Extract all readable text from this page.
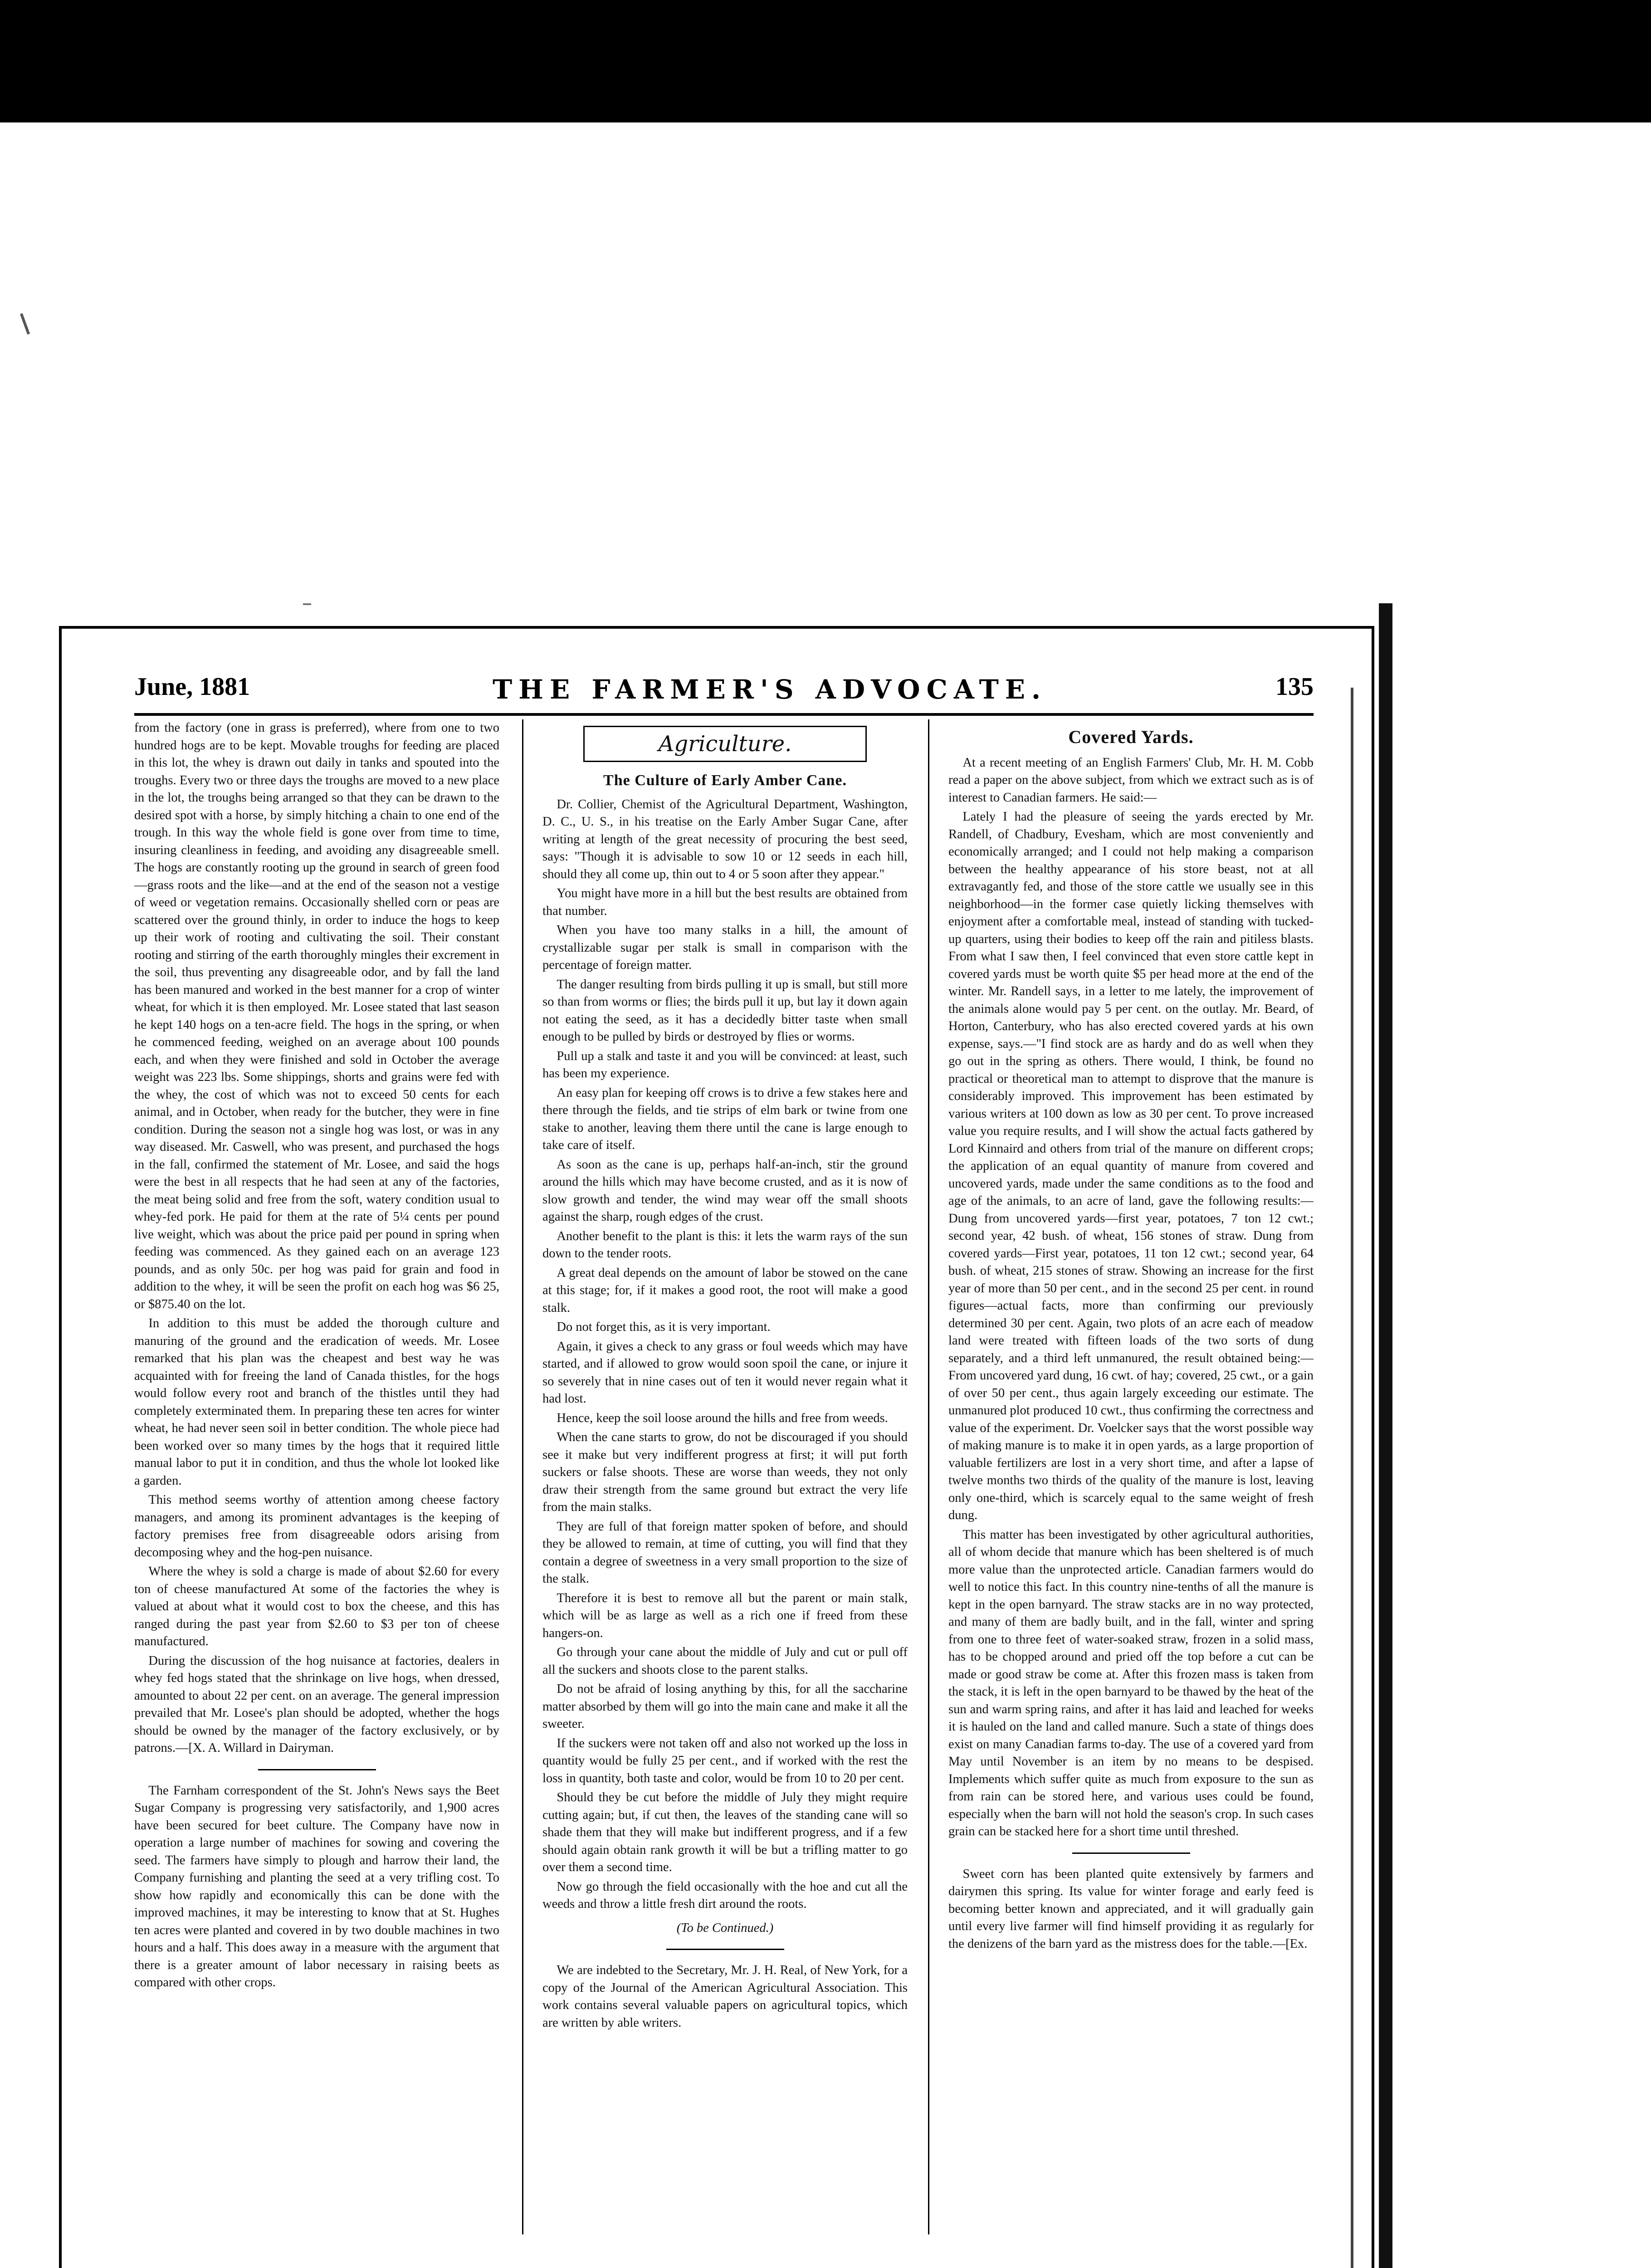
June, 1881	THE FARMER'S ADVOCATE.	135

from the factory (one in grass is preferred), where from one to two hundred hogs are to be kept. Movable troughs for feeding are placed in this lot, the whey is drawn out daily in tanks and spouted into the troughs. Every two or three days the troughs are moved to a new place in the lot, the troughs being arranged so that they can be drawn to the desired spot with a horse, by simply hitching a chain to one end of the trough. In this way the whole field is gone over from time to time, insuring cleanliness in feeding, and avoiding any disagreeable smell. The hogs are constantly rooting up the ground in search of green food—grass roots and the like—and at the end of the season not a vestige of weed or vegetation remains. Occasionally shelled corn or peas are scattered over the ground thinly, in order to induce the hogs to keep up their work of rooting and cultivating the soil. Their constant rooting and stirring of the earth thoroughly mingles their excrement in the soil, thus preventing any disagreeable odor, and by fall the land has been manured and worked in the best manner for a crop of winter wheat, for which it is then employed. Mr. Losee stated that last season he kept 140 hogs on a ten-acre field. The hogs in the spring, or when he commenced feeding, weighed on an average about 100 pounds each, and when they were finished and sold in October the average weight was 223 lbs. Some shippings, shorts and grains were fed with the whey, the cost of which was not to exceed 50 cents for each animal, and in October, when ready for the butcher, they were in fine condition. During the season not a single hog was lost, or was in any way diseased. Mr. Caswell, who was present, and purchased the hogs in the fall, confirmed the statement of Mr. Losee, and said the hogs were the best in all respects that he had seen at any of the factories, the meat being solid and free from the soft, watery condition usual to whey-fed pork. He paid for them at the rate of 5¼ cents per pound live weight, which was about the price paid per pound in spring when feeding was commenced. As they gained each on an average 123 pounds, and as only 50c. per hog was paid for grain and food in addition to the whey, it will be seen the profit on each hog was $6 25, or $875.40 on the lot.

In addition to this must be added the thorough culture and manuring of the ground and the eradication of weeds. Mr. Losee remarked that his plan was the cheapest and best way he was acquainted with for freeing the land of Canada thistles, for the hogs would follow every root and branch of the thistles until they had completely exterminated them. In preparing these ten acres for winter wheat, he had never seen soil in better condition. The whole piece had been worked over so many times by the hogs that it required little manual labor to put it in condition, and thus the whole lot looked like a garden.

This method seems worthy of attention among cheese factory managers, and among its prominent advantages is the keeping of factory premises free from disagreeable odors arising from decomposing whey and the hog-pen nuisance.

Where the whey is sold a charge is made of about $2.60 for every ton of cheese manufactured At some of the factories the whey is valued at about what it would cost to box the cheese, and this has ranged during the past year from $2.60 to $3 per ton of cheese manufactured.

During the discussion of the hog nuisance at factories, dealers in whey fed hogs stated that the shrinkage on live hogs, when dressed, amounted to about 22 per cent. on an average. The general impression prevailed that Mr. Losee's plan should be adopted, whether the hogs should be owned by the manager of the factory exclusively, or by patrons.—[X. A. Willard in Dairyman.

The Farnham correspondent of the St. John's News says the Beet Sugar Company is progressing very satisfactorily, and 1,900 acres have been secured for beet culture. The Company have now in operation a large number of machines for sowing and covering the seed. The farmers have simply to plough and harrow their land, the Company furnishing and planting the seed at a very trifling cost. To show how rapidly and economically this can be done with the improved machines, it may be interesting to know that at St. Hughes ten acres were planted and covered in by two double machines in two hours and a half. This does away in a measure with the argument that there is a greater amount of labor necessary in raising beets as compared with other crops.

Agriculture.
The Culture of Early Amber Cane.

Dr. Collier, Chemist of the Agricultural Department, Washington, D. C., U. S., in his treatise on the Early Amber Sugar Cane, after writing at length of the great necessity of procuring the best seed, says: "Though it is advisable to sow 10 or 12 seeds in each hill, should they all come up, thin out to 4 or 5 soon after they appear."

You might have more in a hill but the best results are obtained from that number.

When you have too many stalks in a hill, the amount of crystallizable sugar per stalk is small in comparison with the percentage of foreign matter.

The danger resulting from birds pulling it up is small, but still more so than from worms or flies; the birds pull it up, but lay it down again not eating the seed, as it has a decidedly bitter taste when small enough to be pulled by birds or destroyed by flies or worms.

Pull up a stalk and taste it and you will be convinced: at least, such has been my experience.

An easy plan for keeping off crows is to drive a few stakes here and there through the fields, and tie strips of elm bark or twine from one stake to another, leaving them there until the cane is large enough to take care of itself.

As soon as the cane is up, perhaps half-an-inch, stir the ground around the hills which may have become crusted, and as it is now of slow growth and tender, the wind may wear off the small shoots against the sharp, rough edges of the crust.

Another benefit to the plant is this: it lets the warm rays of the sun down to the tender roots.

A great deal depends on the amount of labor be stowed on the cane at this stage; for, if it makes a good root, the root will make a good stalk.

Do not forget this, as it is very important.

Again, it gives a check to any grass or foul weeds which may have started, and if allowed to grow would soon spoil the cane, or injure it so severely that in nine cases out of ten it would never regain what it had lost.

Hence, keep the soil loose around the hills and free from weeds.

When the cane starts to grow, do not be discouraged if you should see it make but very indifferent progress at first; it will put forth suckers or false shoots. These are worse than weeds, they not only draw their strength from the same ground but extract the very life from the main stalks.

They are full of that foreign matter spoken of before, and should they be allowed to remain, at time of cutting, you will find that they contain a degree of sweetness in a very small proportion to the size of the stalk.

Therefore it is best to remove all but the parent or main stalk, which will be as large as well as a rich one if freed from these hangers-on.

Go through your cane about the middle of July and cut or pull off all the suckers and shoots close to the parent stalks.

Do not be afraid of losing anything by this, for all the saccharine matter absorbed by them will go into the main cane and make it all the sweeter.

If the suckers were not taken off and also not worked up the loss in quantity would be fully 25 per cent., and if worked with the rest the loss in quantity, both taste and color, would be from 10 to 20 per cent.

Should they be cut before the middle of July they might require cutting again; but, if cut then, the leaves of the standing cane will so shade them that they will make but indifferent progress, and if a few should again obtain rank growth it will be but a trifling matter to go over them a second time.

Now go through the field occasionally with the hoe and cut all the weeds and throw a little fresh dirt around the roots.

(To be Continued.)

We are indebted to the Secretary, Mr. J. H. Real, of New York, for a copy of the Journal of the American Agricultural Association. This work contains several valuable papers on agricultural topics, which are written by able writers.

Covered Yards.

At a recent meeting of an English Farmers' Club, Mr. H. M. Cobb read a paper on the above subject, from which we extract such as is of interest to Canadian farmers. He said:—

Lately I had the pleasure of seeing the yards erected by Mr. Randell, of Chadbury, Evesham, which are most conveniently and economically arranged; and I could not help making a comparison between the healthy appearance of his store beast, not at all extravagantly fed, and those of the store cattle we usually see in this neighborhood—in the former case quietly licking themselves with enjoyment after a comfortable meal, instead of standing with tucked-up quarters, using their bodies to keep off the rain and pitiless blasts. From what I saw then, I feel convinced that even store cattle kept in covered yards must be worth quite $5 per head more at the end of the winter. Mr. Randell says, in a letter to me lately, the improvement of the animals alone would pay 5 per cent. on the outlay. Mr. Beard, of Horton, Canterbury, who has also erected covered yards at his own expense, says.—"I find stock are as hardy and do as well when they go out in the spring as others. There would, I think, be found no practical or theoretical man to attempt to disprove that the manure is considerably improved. This improvement has been estimated by various writers at 100 down as low as 30 per cent. To prove increased value you require results, and I will show the actual facts gathered by Lord Kinnaird and others from trial of the manure on different crops; the application of an equal quantity of manure from covered and uncovered yards, made under the same conditions as to the food and age of the animals, to an acre of land, gave the following results:—Dung from uncovered yards—first year, potatoes, 7 ton 12 cwt.; second year, 42 bush. of wheat, 156 stones of straw. Dung from covered yards—First year, potatoes, 11 ton 12 cwt.; second year, 64 bush. of wheat, 215 stones of straw. Showing an increase for the first year of more than 50 per cent., and in the second 25 per cent. in round figures—actual facts, more than confirming our previously determined 30 per cent. Again, two plots of an acre each of meadow land were treated with fifteen loads of the two sorts of dung separately, and a third left unmanured, the result obtained being:—From uncovered yard dung, 16 cwt. of hay; covered, 25 cwt., or a gain of over 50 per cent., thus again largely exceeding our estimate. The unmanured plot produced 10 cwt., thus confirming the correctness and value of the experiment. Dr. Voelcker says that the worst possible way of making manure is to make it in open yards, as a large proportion of valuable fertilizers are lost in a very short time, and after a lapse of twelve months two thirds of the quality of the manure is lost, leaving only one-third, which is scarcely equal to the same weight of fresh dung.

This matter has been investigated by other agricultural authorities, all of whom decide that manure which has been sheltered is of much more value than the unprotected article. Canadian farmers would do well to notice this fact. In this country nine-tenths of all the manure is kept in the open barnyard. The straw stacks are in no way protected, and many of them are badly built, and in the fall, winter and spring from one to three feet of water-soaked straw, frozen in a solid mass, has to be chopped around and pried off the top before a cut can be made or good straw be come at. After this frozen mass is taken from the stack, it is left in the open barnyard to be thawed by the heat of the sun and warm spring rains, and after it has laid and leached for weeks it is hauled on the land and called manure. Such a state of things does exist on many Canadian farms to-day. The use of a covered yard from May until November is an item by no means to be despised. Implements which suffer quite as much from exposure to the sun as from rain can be stored here, and various uses could be found, especially when the barn will not hold the season's crop. In such cases grain can be stacked here for a short time until threshed.

Sweet corn has been planted quite extensively by farmers and dairymen this spring. Its value for winter forage and early feed is becoming better known and appreciated, and it will gradually gain until every live farmer will find himself providing it as regularly for the denizens of the barn yard as the mistress does for the table.—[Ex.
